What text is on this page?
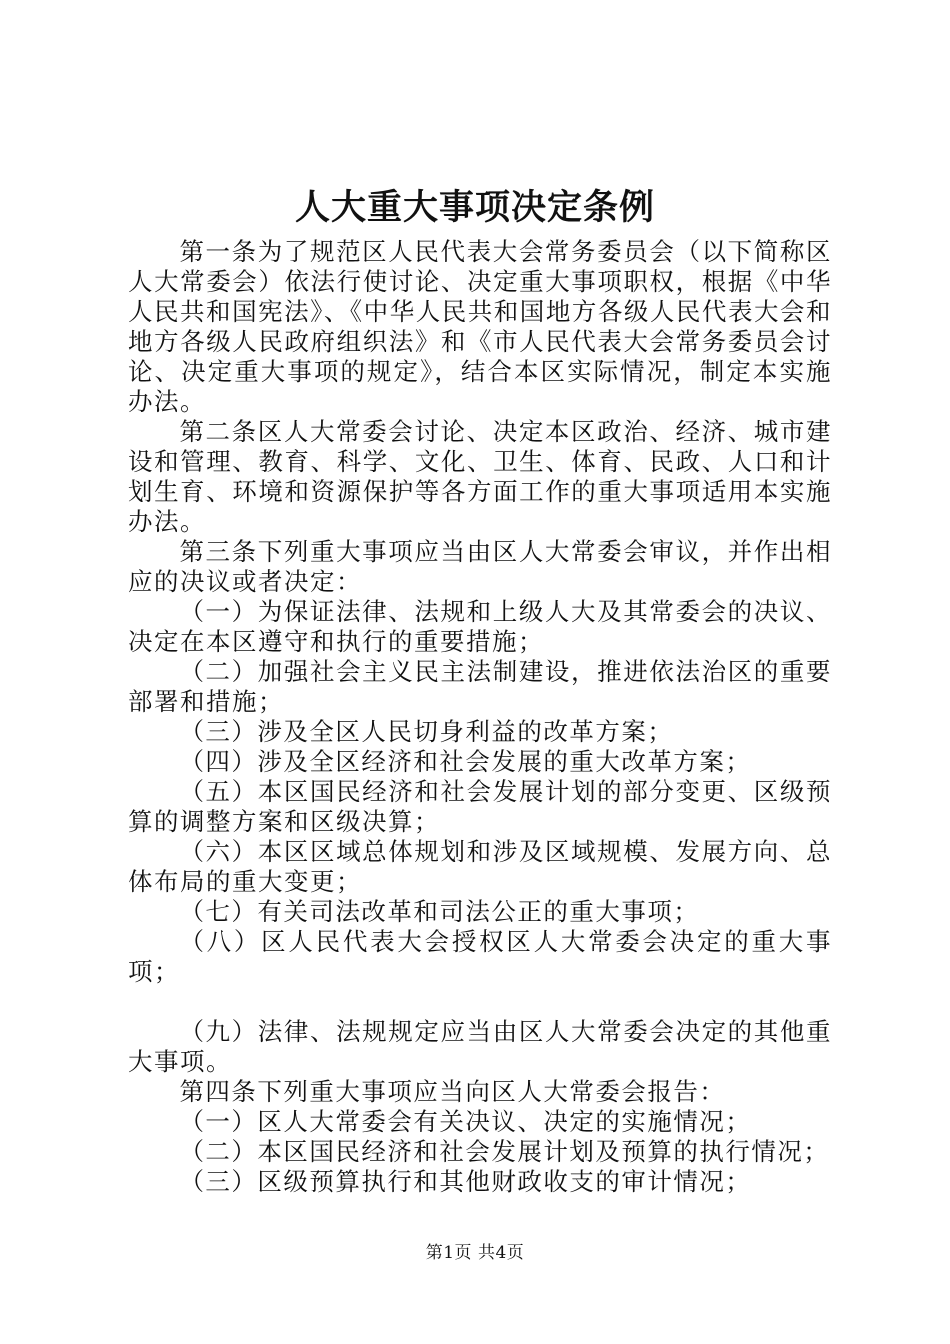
人大重大事项决定条例

第一条为了规范区人民代表大会常务委员会（以下简称区人大常委会）依法行使讨论、决定重大事项职权，根据《中华人民共和国宪法》、《中华人民共和国地方各级人民代表大会和地方各级人民政府组织法》和《市人民代表大会常务委员会讨论、决定重大事项的规定》，结合本区实际情况，制定本实施办法。

第二条区人大常委会讨论、决定本区政治、经济、城市建设和管理、教育、科学、文化、卫生、体育、民政、人口和计划生育、环境和资源保护等各方面工作的重大事项适用本实施办法。

第三条下列重大事项应当由区人大常委会审议，并作出相应的决议或者决定：

（一）为保证法律、法规和上级人大及其常委会的决议、决定在本区遵守和执行的重要措施；

（二）加强社会主义民主法制建设，推进依法治区的重要部署和措施；

（三）涉及全区人民切身利益的改革方案；

（四）涉及全区经济和社会发展的重大改革方案；

（五）本区国民经济和社会发展计划的部分变更、区级预算的调整方案和区级决算；

（六）本区区域总体规划和涉及区域规模、发展方向、总体布局的重大变更；

（七）有关司法改革和司法公正的重大事项；

（八）区人民代表大会授权区人大常委会决定的重大事项；

（九）法律、法规规定应当由区人大常委会决定的其他重大事项。

第四条下列重大事项应当向区人大常委会报告：

（一）区人大常委会有关决议、决定的实施情况；

（二）本区国民经济和社会发展计划及预算的执行情况；

（三）区级预算执行和其他财政收支的审计情况；

第1页 共4页
